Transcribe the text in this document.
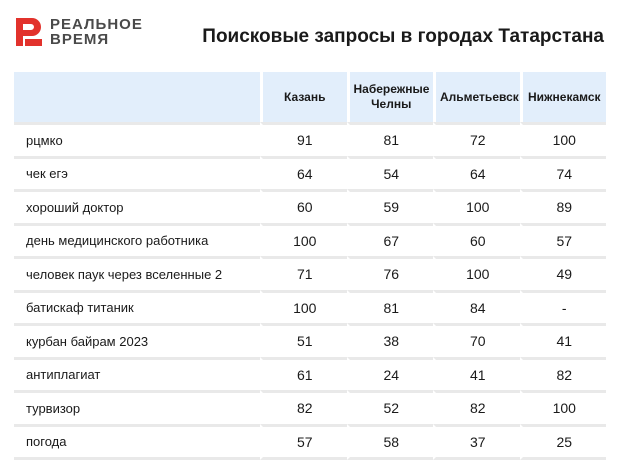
РЕАЛЬНОЕ
ВРЕМЯ	Поисковые запросы в городах Татарстана
	Казань	Набережные Челны	Альметьевск	Нижнекамск
рцмко	91	81	72	100
чек егэ	64	54	64	74
хороший доктор	60	59	100	89
день медицинского работника	100	67	60	57
человек паук через вселенные 2	71	76	100	49
батискаф титаник	100	81	84	-
курбан байрам 2023	51	38	70	41
антиплагиат	61	24	41	82
турвизор	82	52	82	100
погода	57	58	37	25
